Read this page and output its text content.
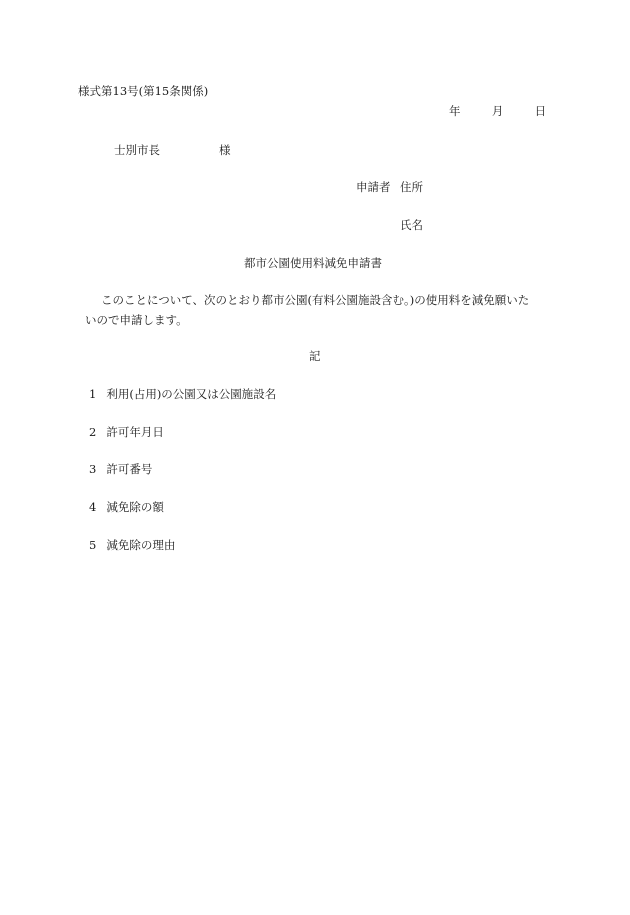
様式第13号(第15条関係)
年	月	日
士別市長	様
申請者 住所
氏名
都市公園使用料減免申請書
このことについて、次のとおり都市公園(有料公園施設含む。)の使用料を減免願いた
いので申請します。
記
1 利用(占用)の公園又は公園施設名
2 許可年月日
3 許可番号
4 減免除の額
5 減免除の理由
